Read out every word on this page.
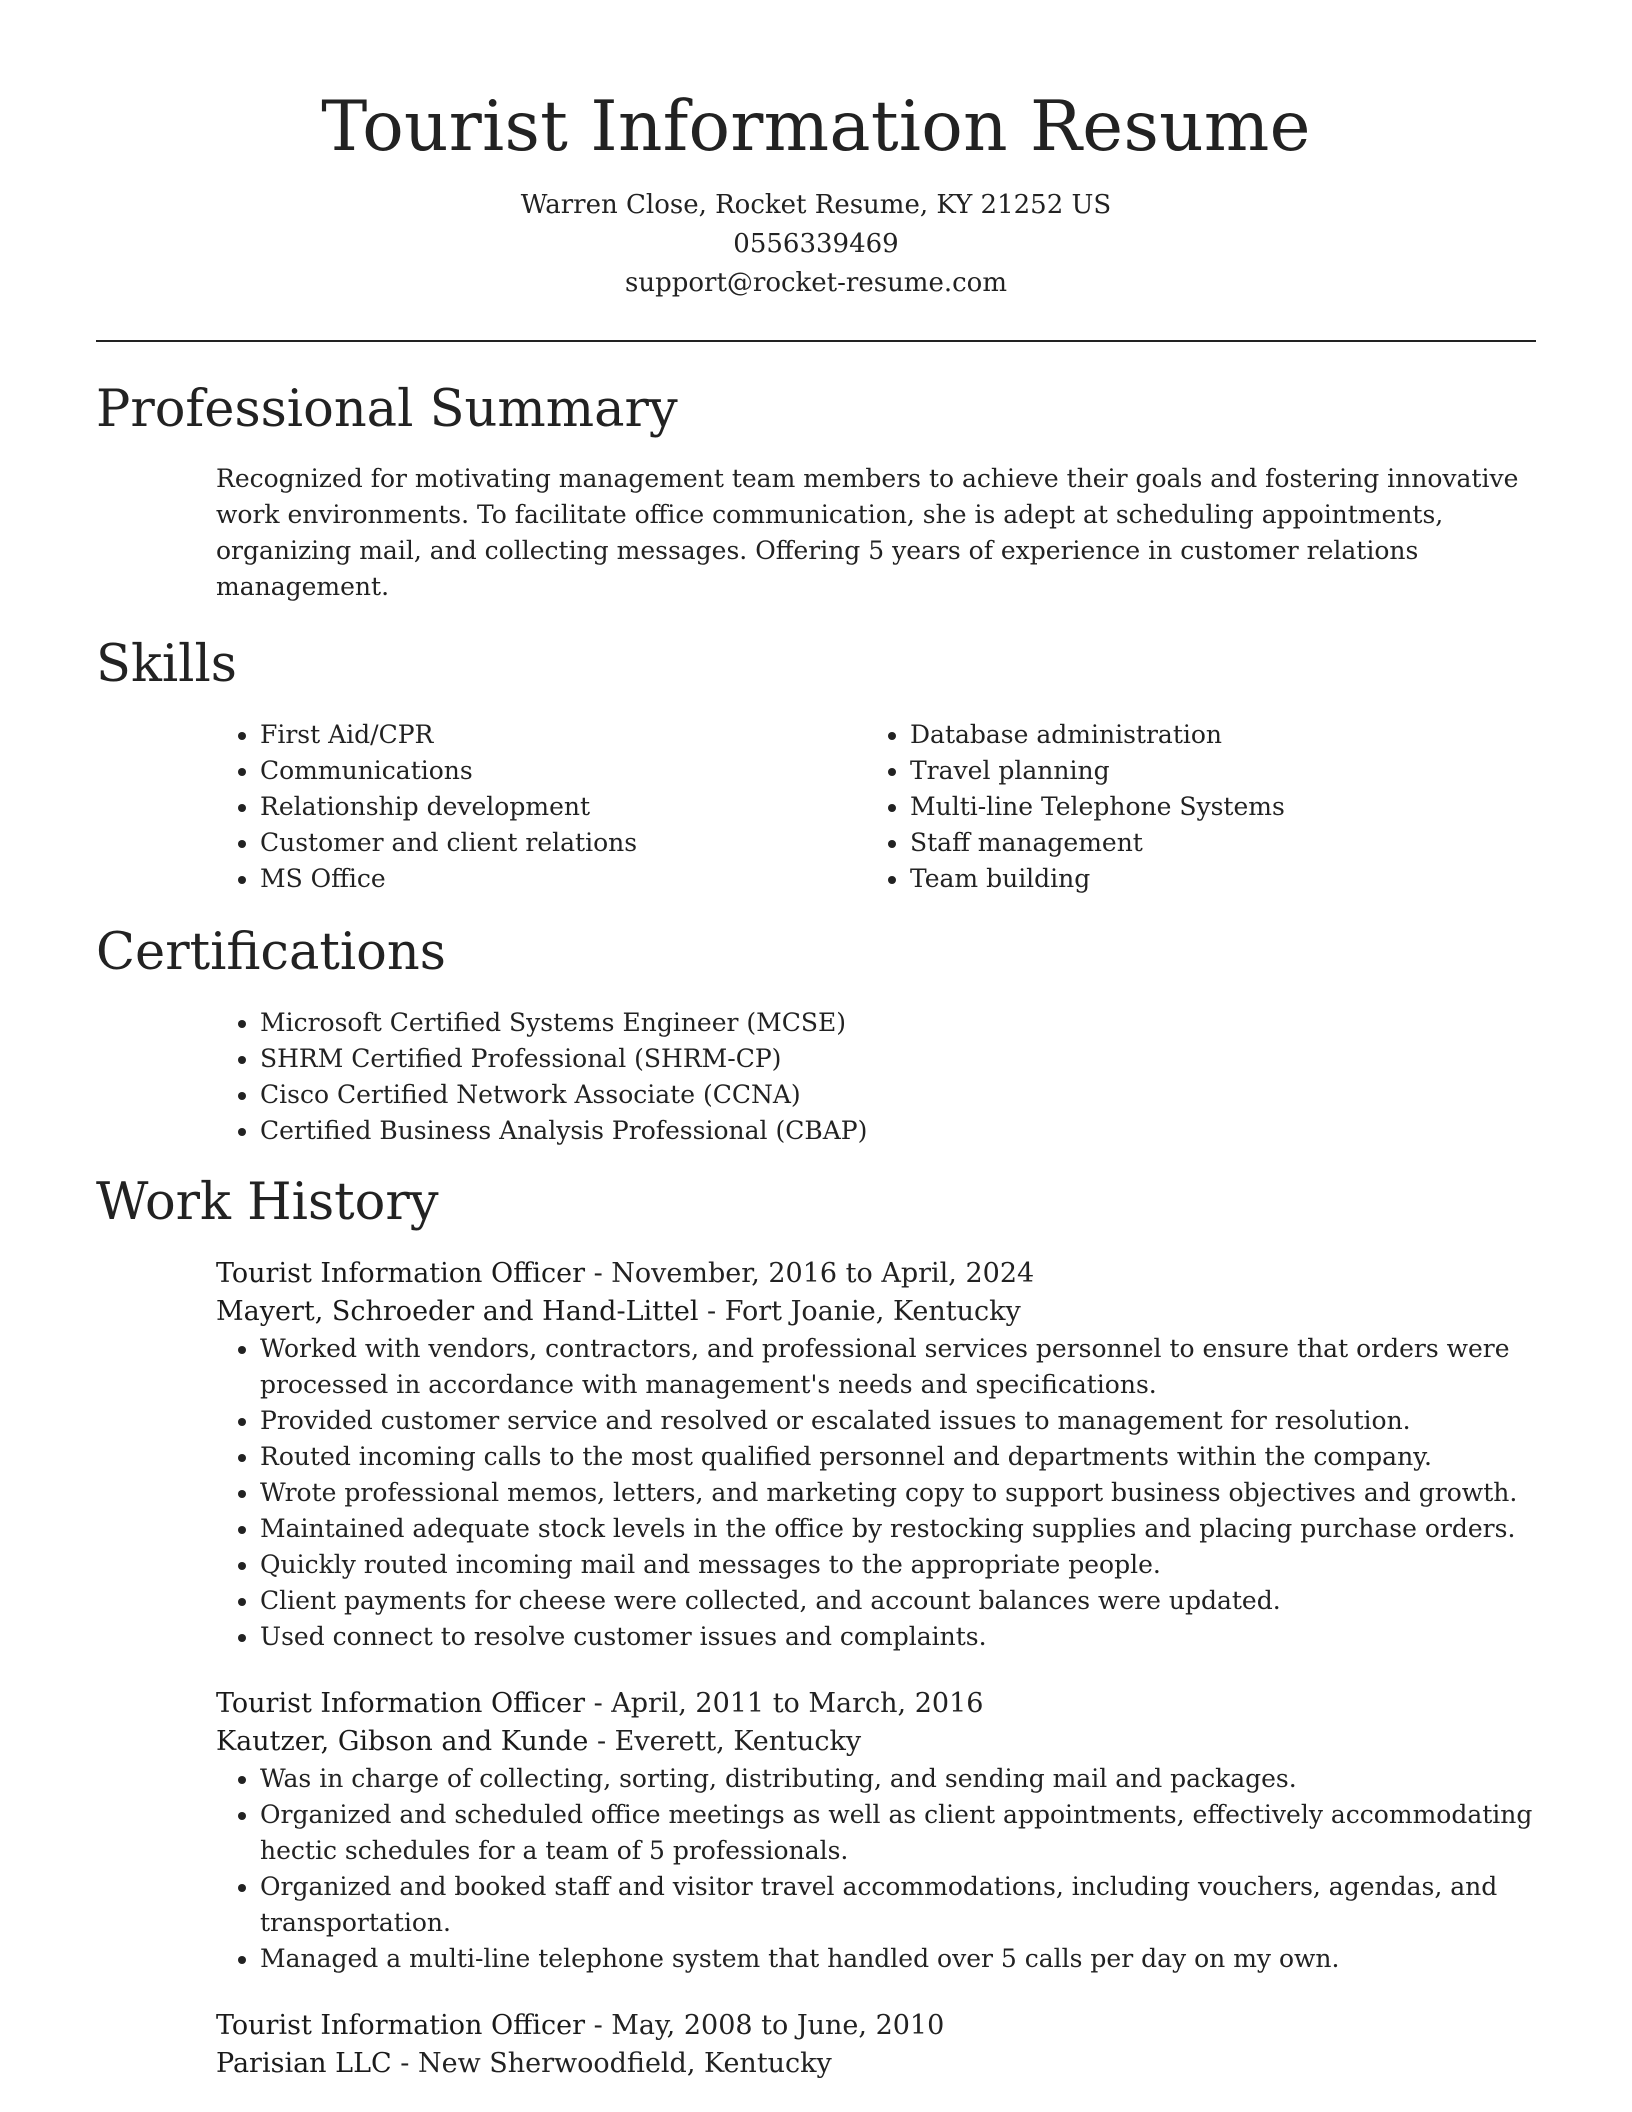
Tourist Information Resume
Warren Close, Rocket Resume, KY 21252 US
0556339469
support@rocket-resume.com
Professional Summary
Recognized for motivating management team members to achieve their goals and fostering innovative work environments. To facilitate office communication, she is adept at scheduling appointments, organizing mail, and collecting messages. Offering 5 years of experience in customer relations management.
Skills
• First Aid/CPR
• Communications
• Relationship development
• Customer and client relations
• MS Office
• Database administration
• Travel planning
• Multi-line Telephone Systems
• Staff management
• Team building
Certifications
• Microsoft Certified Systems Engineer (MCSE)
• SHRM Certified Professional (SHRM-CP)
• Cisco Certified Network Associate (CCNA)
• Certified Business Analysis Professional (CBAP)
Work History
Tourist Information Officer - November, 2016 to April, 2024
Mayert, Schroeder and Hand-Littel - Fort Joanie, Kentucky
• Worked with vendors, contractors, and professional services personnel to ensure that orders were processed in accordance with management's needs and specifications.
• Provided customer service and resolved or escalated issues to management for resolution.
• Routed incoming calls to the most qualified personnel and departments within the company.
• Wrote professional memos, letters, and marketing copy to support business objectives and growth.
• Maintained adequate stock levels in the office by restocking supplies and placing purchase orders.
• Quickly routed incoming mail and messages to the appropriate people.
• Client payments for cheese were collected, and account balances were updated.
• Used connect to resolve customer issues and complaints.
Tourist Information Officer - April, 2011 to March, 2016
Kautzer, Gibson and Kunde - Everett, Kentucky
• Was in charge of collecting, sorting, distributing, and sending mail and packages.
• Organized and scheduled office meetings as well as client appointments, effectively accommodating hectic schedules for a team of 5 professionals.
• Organized and booked staff and visitor travel accommodations, including vouchers, agendas, and transportation.
• Managed a multi-line telephone system that handled over 5 calls per day on my own.
Tourist Information Officer - May, 2008 to June, 2010
Parisian LLC - New Sherwoodfield, Kentucky
